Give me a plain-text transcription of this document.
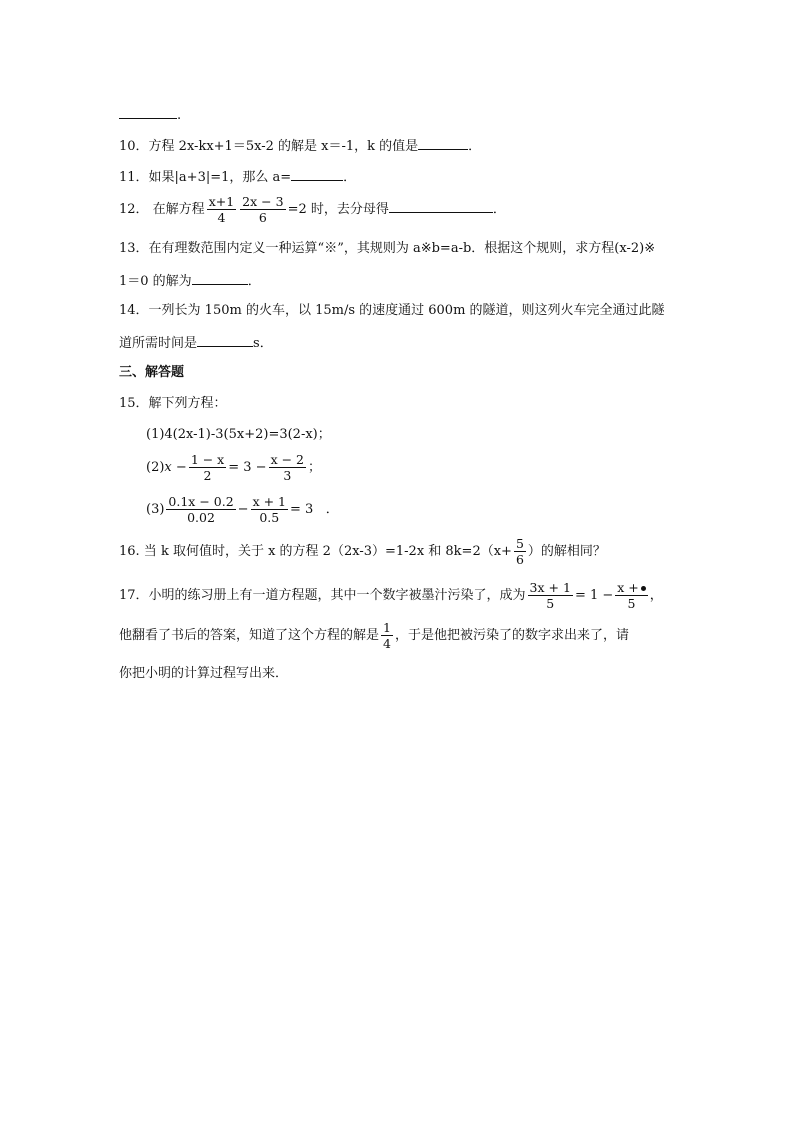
.
10．方程 2x-kx+1＝5x-2 的解是 x＝-1，k 的值是	．
11．如果|a+3|=1，那么 a=	．
12． 在解方程 $\frac{x+1}{4} \frac{2x - 3}{6} =2$ 时，去分母得	．
13．在有理数范围内定义一种运算“※”，其规则为 a※b=a-b．根据这个规则，求方程(x-2)※
1＝0 的解为	．
14．一列长为 150m 的火车，以 15m/s 的速度通过 600m 的隧道，则这列火车完全通过此隧
道所需时间是	s．
三、解答题
15．解下列方程：
(1)4(2x-1)-3(5x+2)=3(2-x)；
$(2)x - \frac{1 - x}{2} = 3 - \frac{x - 2}{3}$ ；
$(3) \frac{0.1x - 0.2}{0.02} - \frac{x + 1}{0.5} = 3$ ．
16. 当 k 取何值时，关于 x 的方程 2（2x-3）=1-2x 和 $8k=2(x+ \frac{5}{6}$ ）的解相同？
17．小明的练习册上有一道方程题，其中一个数字被墨汁污染了，成为 $\frac{3x + 1}{5} = 1 - \frac{x +}{5}$ ，
他翻看了书后的答案，知道了这个方程的解是 $\frac{1}{4}$ ，于是他把被污染了的数字求出来了，请
你把小明的计算过程写出来．
